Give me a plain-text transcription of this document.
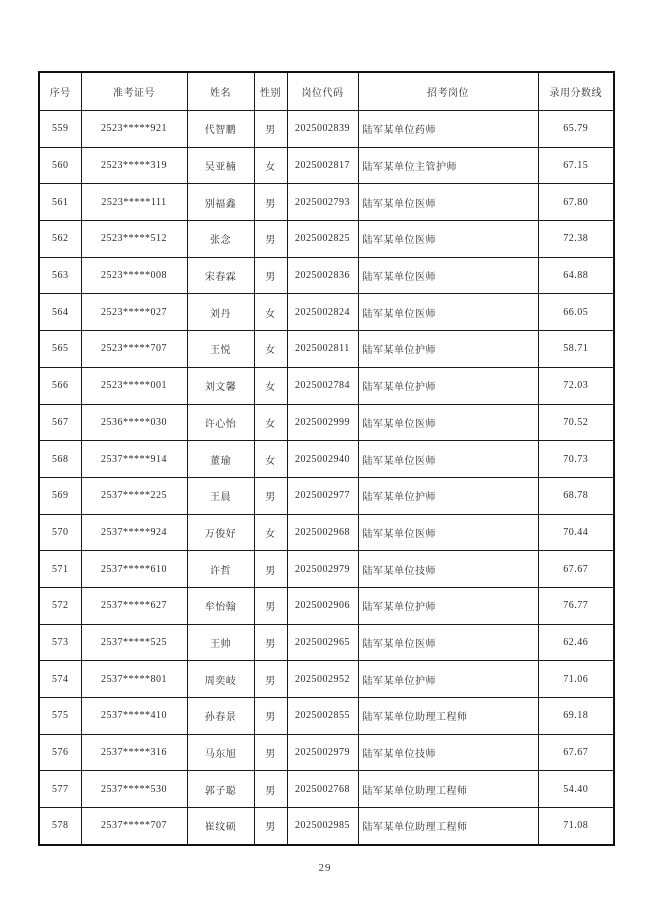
序号	准考证号	姓名	性别	岗位代码	招考岗位	录用分数线
559	2523*****921	代智鹏	男	2025002839	陆军某单位药师	65.79
560	2523*****319	吴亚楠	女	2025002817	陆军某单位主管护师	67.15
561	2523*****111	别福鑫	男	2025002793	陆军某单位医师	67.80
562	2523*****512	张念	男	2025002825	陆军某单位医师	72.38
563	2523*****008	宋春霖	男	2025002836	陆军某单位医师	64.88
564	2523*****027	刘丹	女	2025002824	陆军某单位医师	66.05
565	2523*****707	王悦	女	2025002811	陆军某单位护师	58.71
566	2523*****001	刘文馨	女	2025002784	陆军某单位护师	72.03
567	2536*****030	许心怡	女	2025002999	陆军某单位医师	70.52
568	2537*****914	董瑜	女	2025002940	陆军某单位医师	70.73
569	2537*****225	王晨	男	2025002977	陆军某单位护师	68.78
570	2537*****924	万俊好	女	2025002968	陆军某单位医师	70.44
571	2537*****610	许哲	男	2025002979	陆军某单位技师	67.67
572	2537*****627	牟怡翰	男	2025002906	陆军某单位护师	76.77
573	2537*****525	王帅	男	2025002965	陆军某单位医师	62.46
574	2537*****801	周奕岐	男	2025002952	陆军某单位护师	71.06
575	2537*****410	孙春景	男	2025002855	陆军某单位助理工程师	69.18
576	2537*****316	马东旭	男	2025002979	陆军某单位技师	67.67
577	2537*****530	郭子聪	男	2025002768	陆军某单位助理工程师	54.40
578	2537*****707	崔纹硕	男	2025002985	陆军某单位助理工程师	71.08
29
